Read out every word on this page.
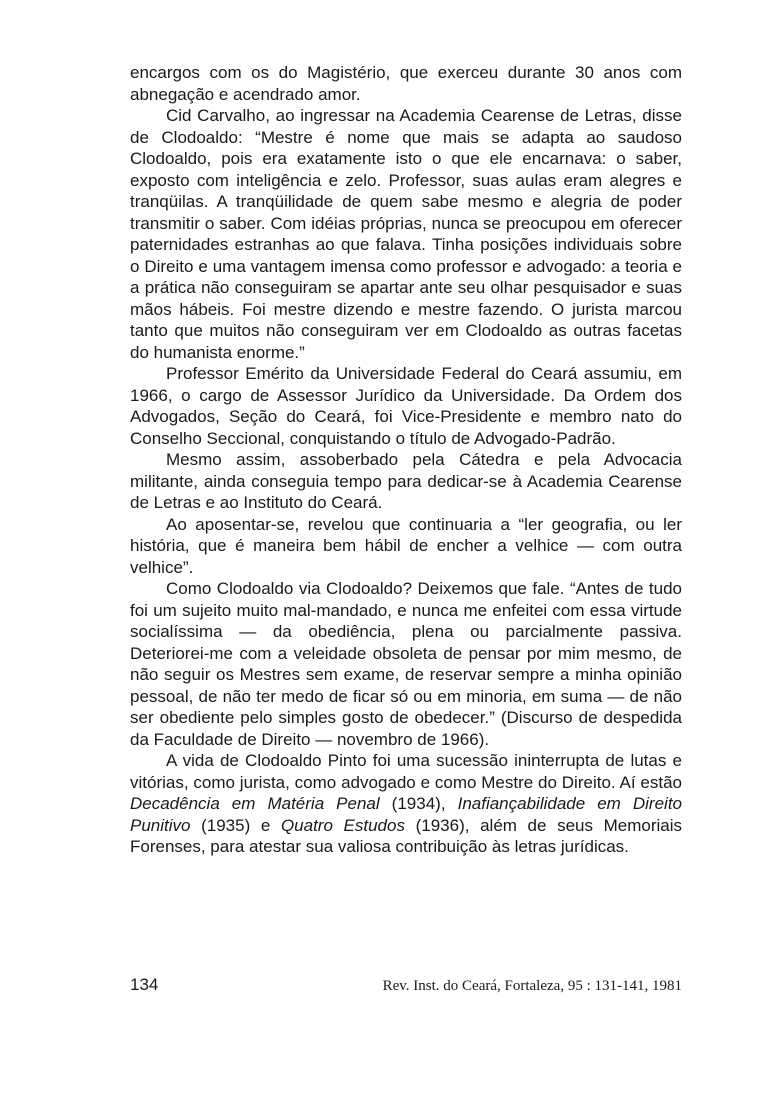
encargos com os do Magistério, que exerceu durante 30 anos com abnegação e acendrado amor.

Cid Carvalho, ao ingressar na Academia Cearense de Letras, disse de Clodoaldo: “Mestre é nome que mais se adapta ao saudoso Clodoaldo, pois era exatamente isto o que ele encarnava: o saber, exposto com inteligência e zelo. Professor, suas aulas eram alegres e tranqüilas. A tranqüilidade de quem sabe mesmo e alegria de poder transmitir o saber. Com idéias próprias, nunca se preocupou em oferecer paternidades estranhas ao que falava. Tinha posições individuais sobre o Direito e uma vantagem imensa como professor e advogado: a teoria e a prática não conseguiram se apartar ante seu olhar pesquisador e suas mãos hábeis. Foi mestre dizendo e mestre fazendo. O jurista marcou tanto que muitos não conseguiram ver em Clodoaldo as outras facetas do humanista enorme.”

Professor Emérito da Universidade Federal do Ceará assumiu, em 1966, o cargo de Assessor Jurídico da Universidade. Da Ordem dos Advogados, Seção do Ceará, foi Vice-Presidente e membro nato do Conselho Seccional, conquistando o título de Advogado-Padrão.

Mesmo assim, assoberbado pela Cátedra e pela Advocacia militante, ainda conseguia tempo para dedicar-se à Academia Cearense de Letras e ao Instituto do Ceará.

Ao aposentar-se, revelou que continuaria a “ler geografia, ou ler história, que é maneira bem hábil de encher a velhice — com outra velhice”.

Como Clodoaldo via Clodoaldo? Deixemos que fale. “Antes de tudo foi um sujeito muito mal-mandado, e nunca me enfeitei com essa virtude socialíssima — da obediência, plena ou parcialmente passiva. Deteriorei-me com a veleidade obsoleta de pensar por mim mesmo, de não seguir os Mestres sem exame, de reservar sempre a minha opinião pessoal, de não ter medo de ficar só ou em minoria, em suma — de não ser obediente pelo simples gosto de obedecer.” (Discurso de despedida da Faculdade de Direito — novembro de 1966).

A vida de Clodoaldo Pinto foi uma sucessão ininterrupta de lutas e vitórias, como jurista, como advogado e como Mestre do Direito. Aí estão Decadência em Matéria Penal (1934), Inafiançabilidade em Direito Punitivo (1935) e Quatro Estudos (1936), além de seus Memoriais Forenses, para atestar sua valiosa contribuição às letras jurídicas.

134	Rev. Inst. do Ceará, Fortaleza, 95 : 131-141, 1981
